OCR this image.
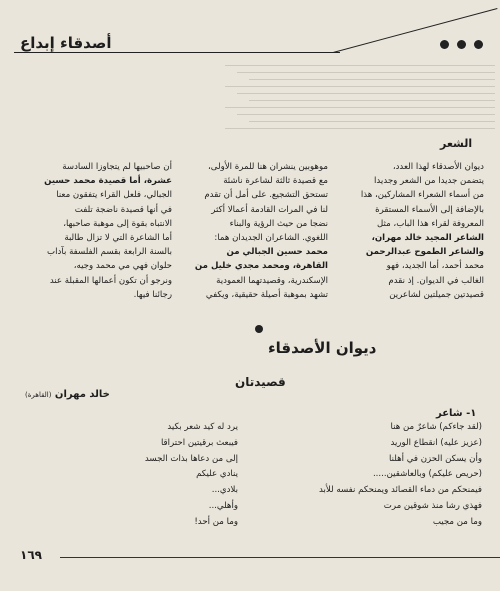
أصدقاء إبداع
الشعر

ديوان الأصدقاء لهذا العدد،

يتضمن جديدا من الشعر وجديدا

من أسماء الشعراء المشاركين، هذا

بالإضافة إلى الأسماء المستقرة

المعروفة لقراء هذا الباب، مثل

الشاعر المجيد خالد مهران،

والشاعر الطموح عبدالرحمن

محمد أحمد، أما الجديد، فهو

الغالب في الديوان. إذ نقدم

قصيدتين جميلتين لشاعرين

موهوبين ينشران هنا للمرة الأولى،

مع قصيدة ثالثة لشاعرة ناشئة

تستحق التشجيع. على أمل أن تقدم

لنا في المرات القادمة أعمالا أكثر

نضجا من حيث الرؤية والبناء

اللغوي. الشاعران الجديدان هما:

محمد حسين الجبالي من

القاهرة، ومحمد مجدي خليل من

الإسكندرية، وقصيدتهما العمودية

تشهد بموهبة أصيلة حقيقية، ويكفي

أن صاحبيها لم يتجاوزا السادسة

عشرة، أما قصيدة محمد حسين

الجبالي، فلعل القراء يتفقون معنا

في أنها قصيدة ناضجة تلفت

الانتباه بقوة إلى موهبة صاحبها،

أما الشاعرة التي لا تزال طالبة

بالسنة الرابعة بقسم الفلسفة بآداب

حلوان فهي مي محمد وجيه،

ونرجو أن تكون أعمالها المقبلة عند

رجائنا فيها.

ديوان الأصدقاء
قصيدتان
خالد مهران (القاهرة)
١- شاعر
(لقد جاءكم) شاعرٌ من هنا
(عزيز عليه) انقطاع الوريد
وأن يسكن الحزن في أهلنا
(حريص عليكم) وبالعاشقين.....
فيمنحكم من دماء القصائد ويمنحكم نفسه للأبد
فهذي رشا منذ شوقين مرت
وما من مجيب
يرد له كيد شعر بكيد
فيبعث برقيتين احتراقا
إلى من دعاها بذات الجسد
ينادي عليكم
بلادي...
وأهلي...
وما من أحد!
١٦٩
